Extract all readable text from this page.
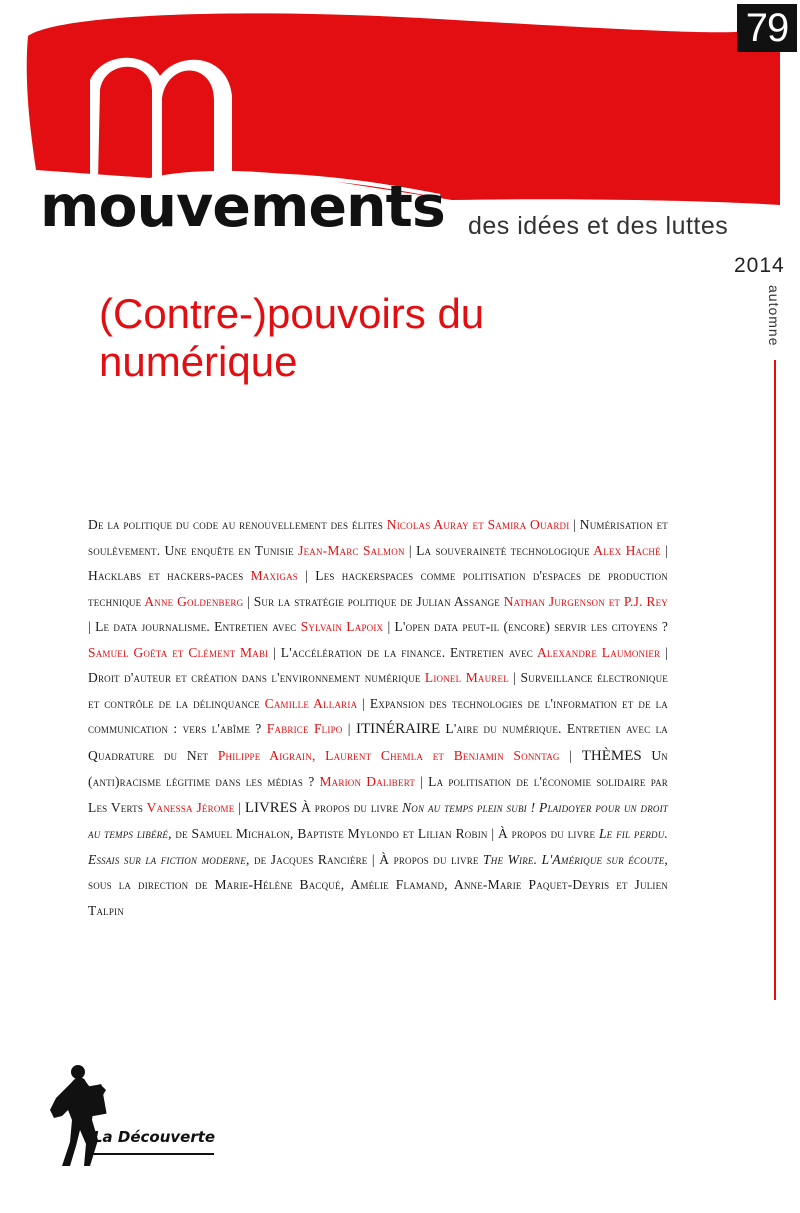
79
mouvements des idées et des luttes
2014
automne
(Contre-)pouvoirs du
numérique
De la politique du code au renouvellement des élites Nicolas Auray et Samira Ouardi | Numérisation et soulèvement. Une enquête en Tunisie Jean-Marc Salmon | La souveraineté technologique Alex Haché | Hacklabs et hackers-paces Maxigas | Les hackerspaces comme politisation d'espaces de production technique Anne Goldenberg | Sur la stratégie politique de Julian Assange Nathan Jurgenson et P.J. Rey | Le data journalisme. Entretien avec Sylvain Lapoix | L'open data peut-il (encore) servir les citoyens ? Samuel Goëta et Clément Mabi | L'accélération de la finance. Entretien avec Alexandre Laumonier | Droit d'auteur et création dans l'environnement numérique Lionel Maurel | Surveillance électronique et contrôle de la délinquance Camille Allaria | Expansion des technologies de l'information et de la communication : vers l'abîme ? Fabrice Flipo | ITINÉRAIRE L'aire du numérique. Entretien avec la Quadrature du Net Philippe Aigrain, Laurent Chemla et Benjamin Sonntag | THÈMES Un (anti)racisme légitime dans les médias ? Marion Dalibert | La politisation de l'économie solidaire par Les Verts Vanessa Jérome | LIVRES À propos du livre Non au temps plein subi ! Plaidoyer pour un droit au temps libéré, de Samuel Michalon, Baptiste Mylondo et Lilian Robin | À propos du livre Le fil perdu. Essais sur la fiction moderne, de Jacques Rancière | À propos du livre The Wire. L'Amérique sur écoute, sous la direction de Marie-Hélène Bacqué, Amélie Flamand, Anne-Marie Paquet-Deyris et Julien Talpin
La Découverte
